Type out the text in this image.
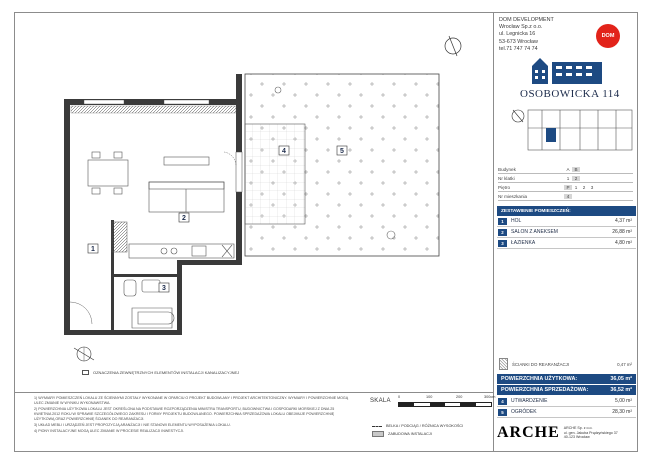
1
2
3
4	5
OZNACZENIA ZEWNĘTRZNYCH ELEMENTÓW INSTALACJI KANALIZACYJNEJ

1) WYMIARY POMIESZCZEŃ LOKALU ZE ŚCIENNYMI ZOSTAŁY WYKONANE W OPARCIU O PROJEKT BUDOWLANY I PROJEKT ARCHITEKTONICZNY. WYMIARY I POWIERZCHNIE MOGĄ ULEC ZMIANIE W WYNIKU WYKONAWSTWA.

2) POWIERZCHNIA UŻYTKOWA LOKALU JEST OKREŚLONA NA PODSTAWIE ROZPORZĄDZENIA MINISTRA TRANSPORTU, BUDOWNICTWA I GOSPODARKI MORSKIEJ Z DNIA 25 KWIETNIA 2012 ROKU W SPRAWIE SZCZEGÓŁOWEGO ZAKRESU I FORMY PROJEKTU BUDOWLANEGO. POWIERZCHNIA SPRZEDAŻOWA LOKALU OBEJMUJE POWIERZCHNIĘ UŻYTKOWĄ ORAZ POWIERZCHNIĘ ŚCIANEK DO REARANŻACJI.

3) UKŁAD MEBLI I URZĄDZEŃ JEST PROPOZYCJĄ ARANŻACJI I NIE STANOWI ELEMENTU WYPOSAŻENIA LOKALU.

4) PIONY INSTALACYJNE MOGĄ ULEC ZMIANIE W PROCESIE REALIZACJI INWESTYCJI.

SKALA
0	100	200	300cm
BELKA / PODCIĄG / RÓŻNICA WYSOKOŚCI
ZABUDOWA INSTALACJI	ARCHE ARCHE Sp. z o.o.
ul. gen. Jakuba Prądzyńskiego 37
40-123 Wrocław
DOM DEVELOPMENT
Wrocław Sp.z o.o.
ul. Legnicka 16
53-673 Wrocław
tel.71 747 74 74
DOM
OSOBOWICKA 114
Budynek	A	B
Nr klatki	1	2
Piętro	P	1	2	3
Nr mieszkania	4
ZESTAWIENIE POMIESZCZEŃ:
1	HOL	4,37 m²
2	SALON Z ANEKSEM	26,88 m²
3	ŁAZIENKA	4,80 m²
ŚCIANKI DO REARANŻACJI	0,47 m²
POWIERZCHNIA UŻYTKOWA:	36,05 m²
POWIERZCHNIA SPRZEDAŻOWA:	36,52 m²
4	UTWARDZENIE	5,00 m²
5	OGRÓDEK	28,30 m²
